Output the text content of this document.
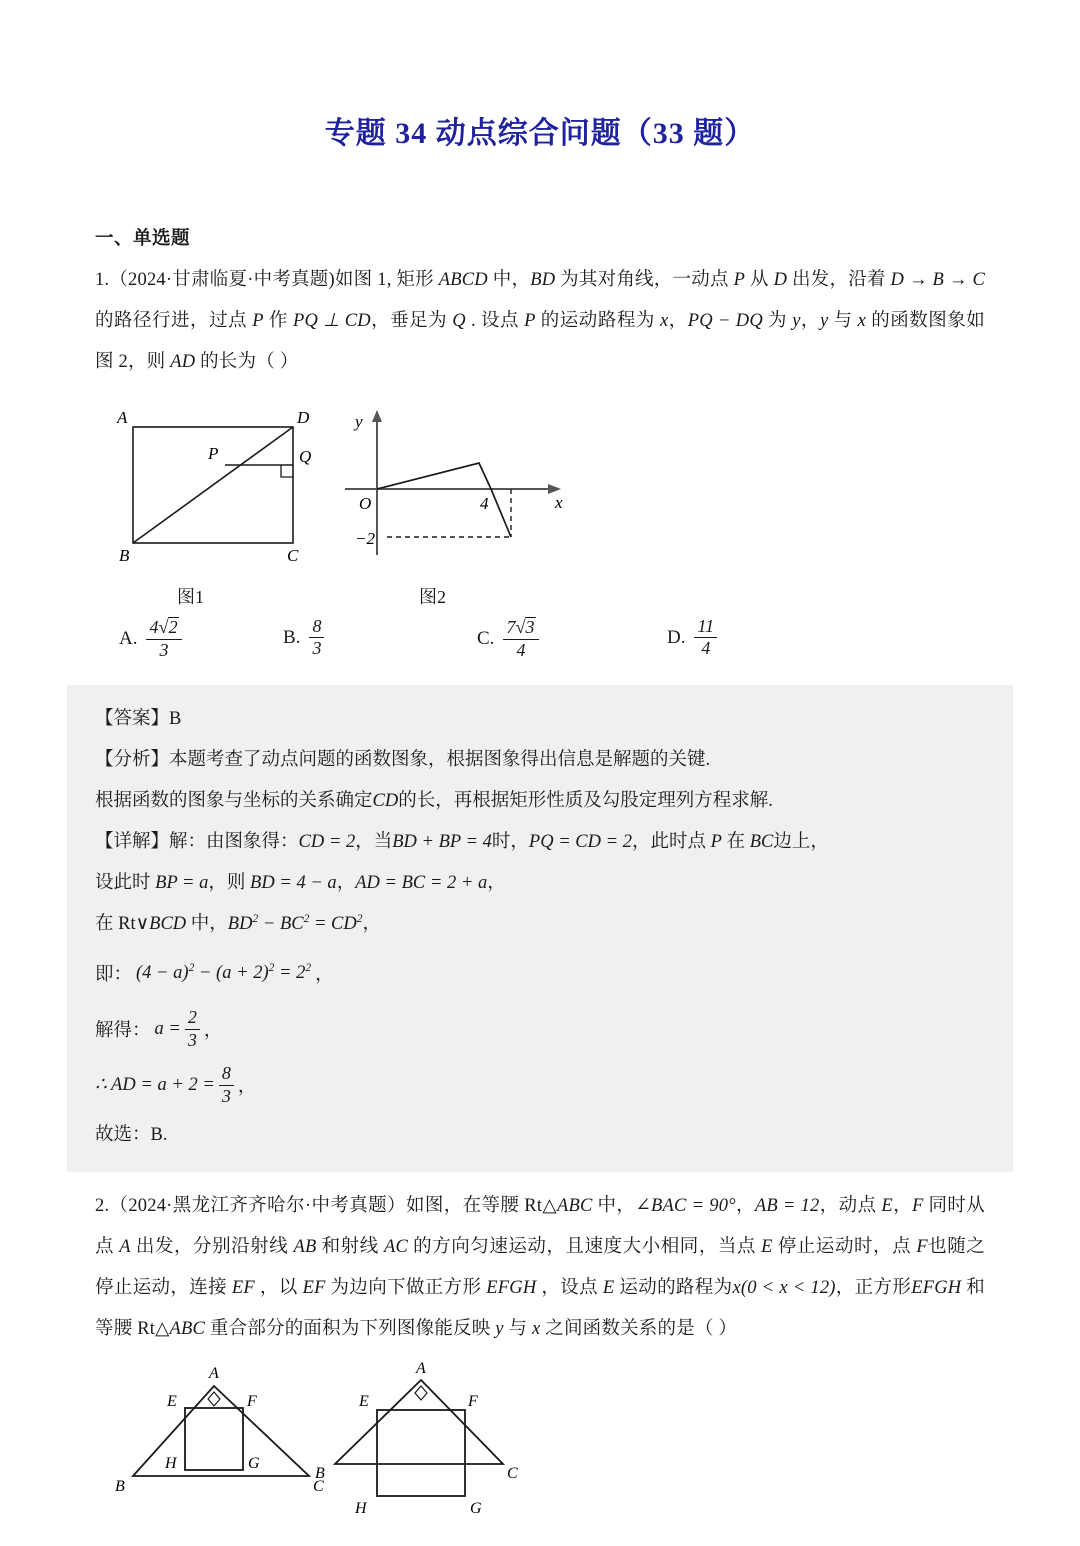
专题 34 动点综合问题（33 题）
一、单选题
1.（2024·甘肃临夏·中考真题)如图 1, 矩形 ABCD 中，BD 为其对角线，一动点 P 从 D 出发，沿着 D → B → C的路径行进，过点 P 作 PQ ⊥ CD，垂足为 Q . 设点 P 的运动路程为 x，PQ − DQ 为 y，y 与 x 的函数图象如图 2，则 AD 的长为（ ）
A	D
P	Q
B	C
y
x
O	4
−2
图1	图2
A. $\frac{4√2}{3}$	B. $\frac{8}{3}$	C. $\frac{7√3}{4}$	D. $\frac{11}{4}$

【答案】B

【分析】本题考查了动点问题的函数图象，根据图象得出信息是解题的关键.

根据函数的图象与坐标的关系确定CD的长，再根据矩形性质及勾股定理列方程求解.

【详解】解：由图象得：CD = 2，当BD + BP = 4时，PQ = CD = 2，此时点 P 在 BC边上，

设此时 BP = a，则 BD = 4 − a，AD = BC = 2 + a，

在 Rt∨BCD 中，$BD^2 - BC^2 = CD^2$，

即： $(4 - a)^2 - (a + 2)^2 = 2^2$ ，
解得： $a = \frac{2}{3}$ ，
∴ AD = $a + 2 = \frac{8}{3}$ ，

故选：B.

2.（2024·黑龙江齐齐哈尔·中考真题）如图，在等腰 Rt△ABC 中，∠BAC = 90°，AB = 12，动点 E，F 同时从点 A 出发，分别沿射线 AB 和射线 AC 的方向匀速运动，且速度大小相同，当点 E 停止运动时，点 F也随之停止运动，连接 EF ，以 EF 为边向下做正方形 EFGH ，设点 E 运动的路程为x(0 < x < 12)，正方形EFGH 和等腰 Rt△ABC 重合部分的面积为下列图像能反映 y 与 x 之间函数关系的是（ ）
A
E	F
B
H	G
C
A
E	F
B	C
H	G
